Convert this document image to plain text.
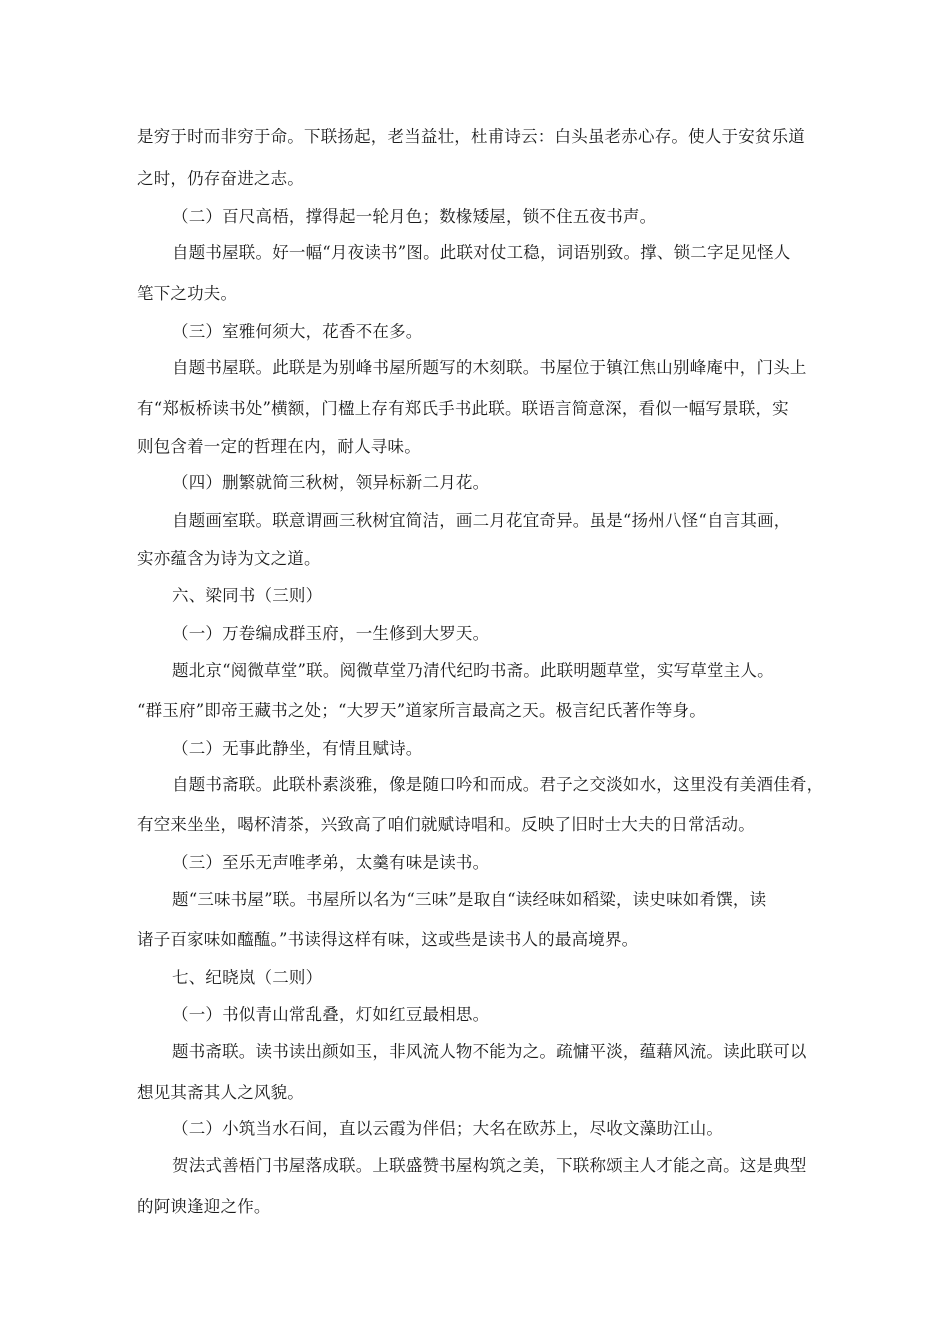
是穷于时而非穷于命。下联扬起，老当益壮，杜甫诗云：白头虽老赤心存。使人于安贫乐道
之时，仍存奋进之志。
（二）百尺高梧，撑得起一轮月色；数椽矮屋，锁不住五夜书声。
自题书屋联。好一幅“月夜读书”图。此联对仗工稳，词语别致。撑、锁二字足见怪人
笔下之功夫。
（三）室雅何须大，花香不在多。
自题书屋联。此联是为别峰书屋所题写的木刻联。书屋位于镇江焦山别峰庵中，门头上
有“郑板桥读书处”横额，门楹上存有郑氏手书此联。联语言简意深，看似一幅写景联，实
则包含着一定的哲理在内，耐人寻味。
（四）删繁就简三秋树，领异标新二月花。
自题画室联。联意谓画三秋树宜简洁，画二月花宜奇异。虽是“扬州八怪“自言其画，
实亦蕴含为诗为文之道。
六、梁同书（三则）
（一）万卷编成群玉府，一生修到大罗天。
题北京“阅微草堂”联。阅微草堂乃清代纪昀书斋。此联明题草堂，实写草堂主人。
“群玉府”即帝王藏书之处；“大罗天”道家所言最高之天。极言纪氏著作等身。
（二）无事此静坐，有情且赋诗。
自题书斋联。此联朴素淡雅，像是随口吟和而成。君子之交淡如水，这里没有美酒佳肴，
有空来坐坐，喝杯清茶，兴致高了咱们就赋诗唱和。反映了旧时士大夫的日常活动。
（三）至乐无声唯孝弟，太羹有味是读书。
题“三味书屋”联。书屋所以名为“三味”是取自“读经味如稻粱，读史味如肴馔，读
诸子百家味如醯醢。”书读得这样有味，这或些是读书人的最高境界。
七、纪晓岚（二则）
（一）书似青山常乱叠，灯如红豆最相思。
题书斋联。读书读出颜如玉，非风流人物不能为之。疏慵平淡，蕴藉风流。读此联可以
想见其斋其人之风貌。
（二）小筑当水石间，直以云霞为伴侣；大名在欧苏上，尽收文藻助江山。
贺法式善梧门书屋落成联。上联盛赞书屋构筑之美，下联称颂主人才能之高。这是典型
的阿谀逢迎之作。
